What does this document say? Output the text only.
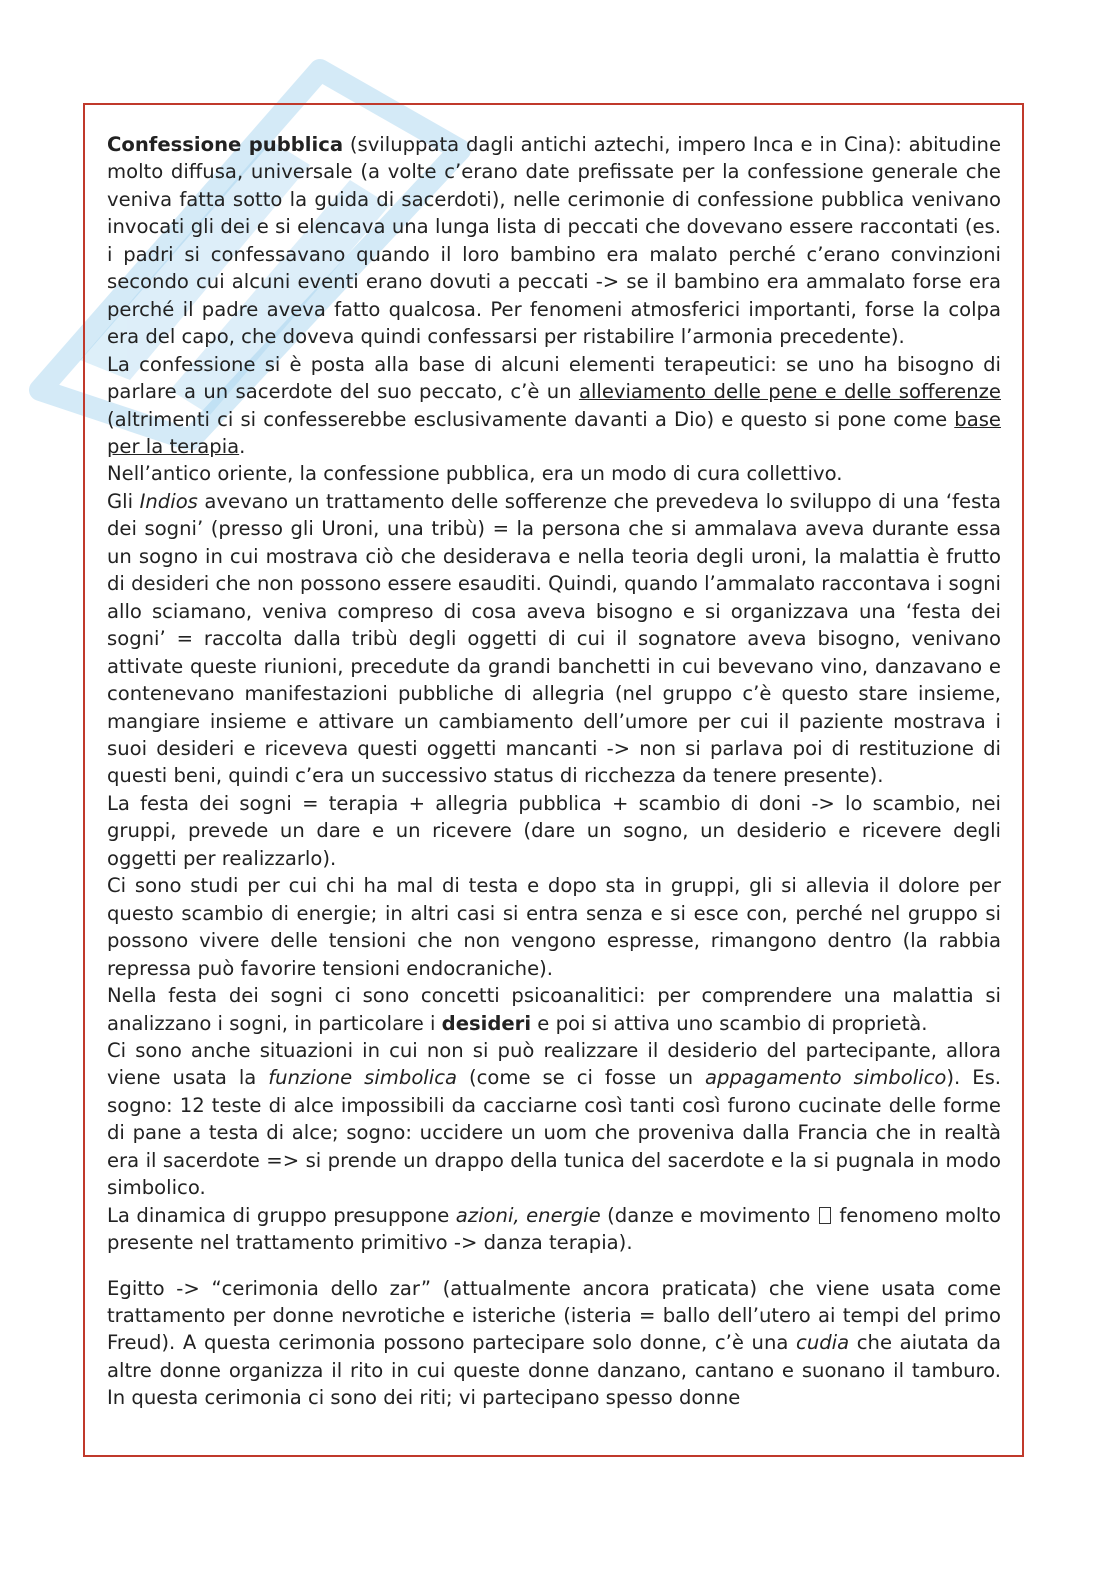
Confessione pubblica (sviluppata dagli antichi aztechi, impero Inca e in Cina): abitudine molto diffusa, universale (a volte c’erano date prefissate per la confessione generale che veniva fatta sotto la guida di sacerdoti), nelle cerimonie di confessione pubblica venivano invocati gli dei e si elencava una lunga lista di peccati che dovevano essere raccontati (es. i padri si confessavano quando il loro bambino era malato perché c’erano convinzioni secondo cui alcuni eventi erano dovuti a peccati -> se il bambino era ammalato forse era perché il padre aveva fatto qualcosa. Per fenomeni atmosferici importanti, forse la colpa era del capo, che doveva quindi confessarsi per ristabilire l’armonia precedente).

La confessione si è posta alla base di alcuni elementi terapeutici: se uno ha bisogno di parlare a un sacerdote del suo peccato, c’è un alleviamento delle pene e delle sofferenze (altrimenti ci si confesserebbe esclusivamente davanti a Dio) e questo si pone come base per la terapia.

Nell’antico oriente, la confessione pubblica, era un modo di cura collettivo.

Gli Indios avevano un trattamento delle sofferenze che prevedeva lo sviluppo di una ‘festa dei sogni’ (presso gli Uroni, una tribù) = la persona che si ammalava aveva durante essa un sogno in cui mostrava ciò che desiderava e nella teoria degli uroni, la malattia è frutto di desideri che non possono essere esauditi. Quindi, quando l’ammalato raccontava i sogni allo sciamano, veniva compreso di cosa aveva bisogno e si organizzava una ‘festa dei sogni’ = raccolta dalla tribù degli oggetti di cui il sognatore aveva bisogno, venivano attivate queste riunioni, precedute da grandi banchetti in cui bevevano vino, danzavano e contenevano manifestazioni pubbliche di allegria (nel gruppo c’è questo stare insieme, mangiare insieme e attivare un cambiamento dell’umore per cui il paziente mostrava i suoi desideri e riceveva questi oggetti mancanti -> non si parlava poi di restituzione di questi beni, quindi c’era un successivo status di ricchezza da tenere presente).

La festa dei sogni = terapia + allegria pubblica + scambio di doni -> lo scambio, nei gruppi, prevede un dare e un ricevere (dare un sogno, un desiderio e ricevere degli oggetti per realizzarlo).

Ci sono studi per cui chi ha mal di testa e dopo sta in gruppi, gli si allevia il dolore per questo scambio di energie; in altri casi si entra senza e si esce con, perché nel gruppo si possono vivere delle tensioni che non vengono espresse, rimangono dentro (la rabbia repressa può favorire tensioni endocraniche).

Nella festa dei sogni ci sono concetti psicoanalitici: per comprendere una malattia si analizzano i sogni, in particolare i desideri e poi si attiva uno scambio di proprietà.

Ci sono anche situazioni in cui non si può realizzare il desiderio del partecipante, allora viene usata la funzione simbolica (come se ci fosse un appagamento simbolico). Es. sogno: 12 teste di alce impossibili da cacciarne così tanti così furono cucinate delle forme di pane a testa di alce; sogno: uccidere un uom che proveniva dalla Francia che in realtà era il sacerdote => si prende un drappo della tunica del sacerdote e la si pugnala in modo simbolico.

La dinamica di gruppo presuppone azioni, energie (danze e movimento  fenomeno molto presente nel trattamento primitivo -> danza terapia).

Egitto -> “cerimonia dello zar” (attualmente ancora praticata) che viene usata come trattamento per donne nevrotiche e isteriche (isteria = ballo dell’utero ai tempi del primo Freud). A questa cerimonia possono partecipare solo donne, c’è una cudia che aiutata da altre donne organizza il rito in cui queste donne danzano, cantano e suonano il tamburo. In questa cerimonia ci sono dei riti; vi partecipano spesso donne
